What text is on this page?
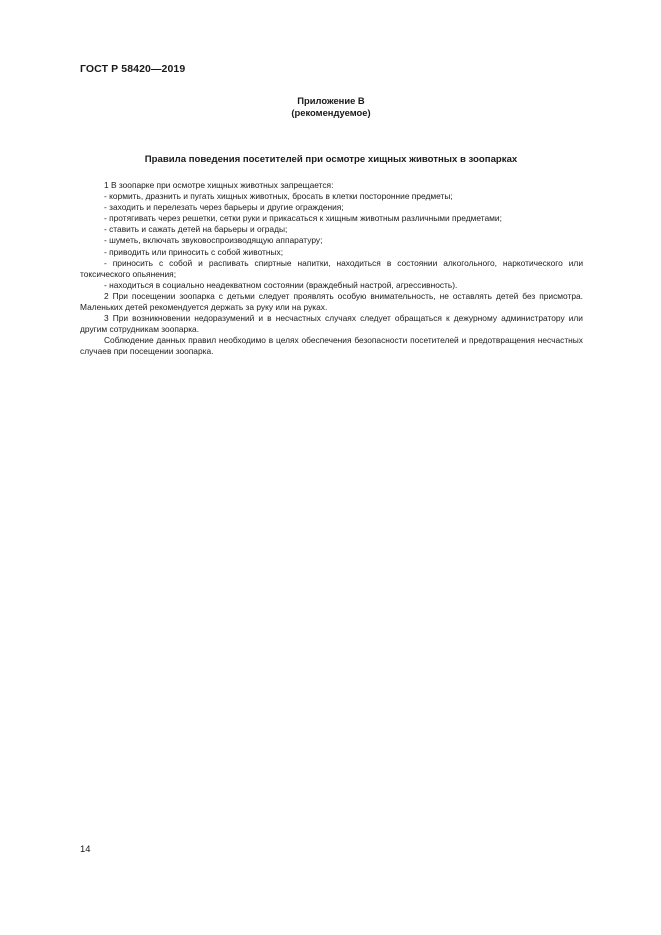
ГОСТ Р 58420—2019
Приложение В
(рекомендуемое)
Правила поведения посетителей при осмотре хищных животных в зоопарках

1 В зоопарке при осмотре хищных животных запрещается:

- кормить, дразнить и пугать хищных животных, бросать в клетки посторонние предметы;

- заходить и перелезать через барьеры и другие ограждения;

- протягивать через решетки, сетки руки и прикасаться к хищным животным различными предметами;

- ставить и сажать детей на барьеры и ограды;

- шуметь, включать звуковоспроизводящую аппаратуру;

- приводить или приносить с собой животных;

- приносить с собой и распивать спиртные напитки, находиться в состоянии алкогольного, наркотического или токсического опьянения;

- находиться в социально неадекватном состоянии (враждебный настрой, агрессивность).

2 При посещении зоопарка с детьми следует проявлять особую внимательность, не оставлять детей без присмотра. Маленьких детей рекомендуется держать за руку или на руках.

3 При возникновении недоразумений и в несчастных случаях следует обращаться к дежурному администратору или другим сотрудникам зоопарка.

Соблюдение данных правил необходимо в целях обеспечения безопасности посетителей и предотвращения несчастных случаев при посещении зоопарка.

14
